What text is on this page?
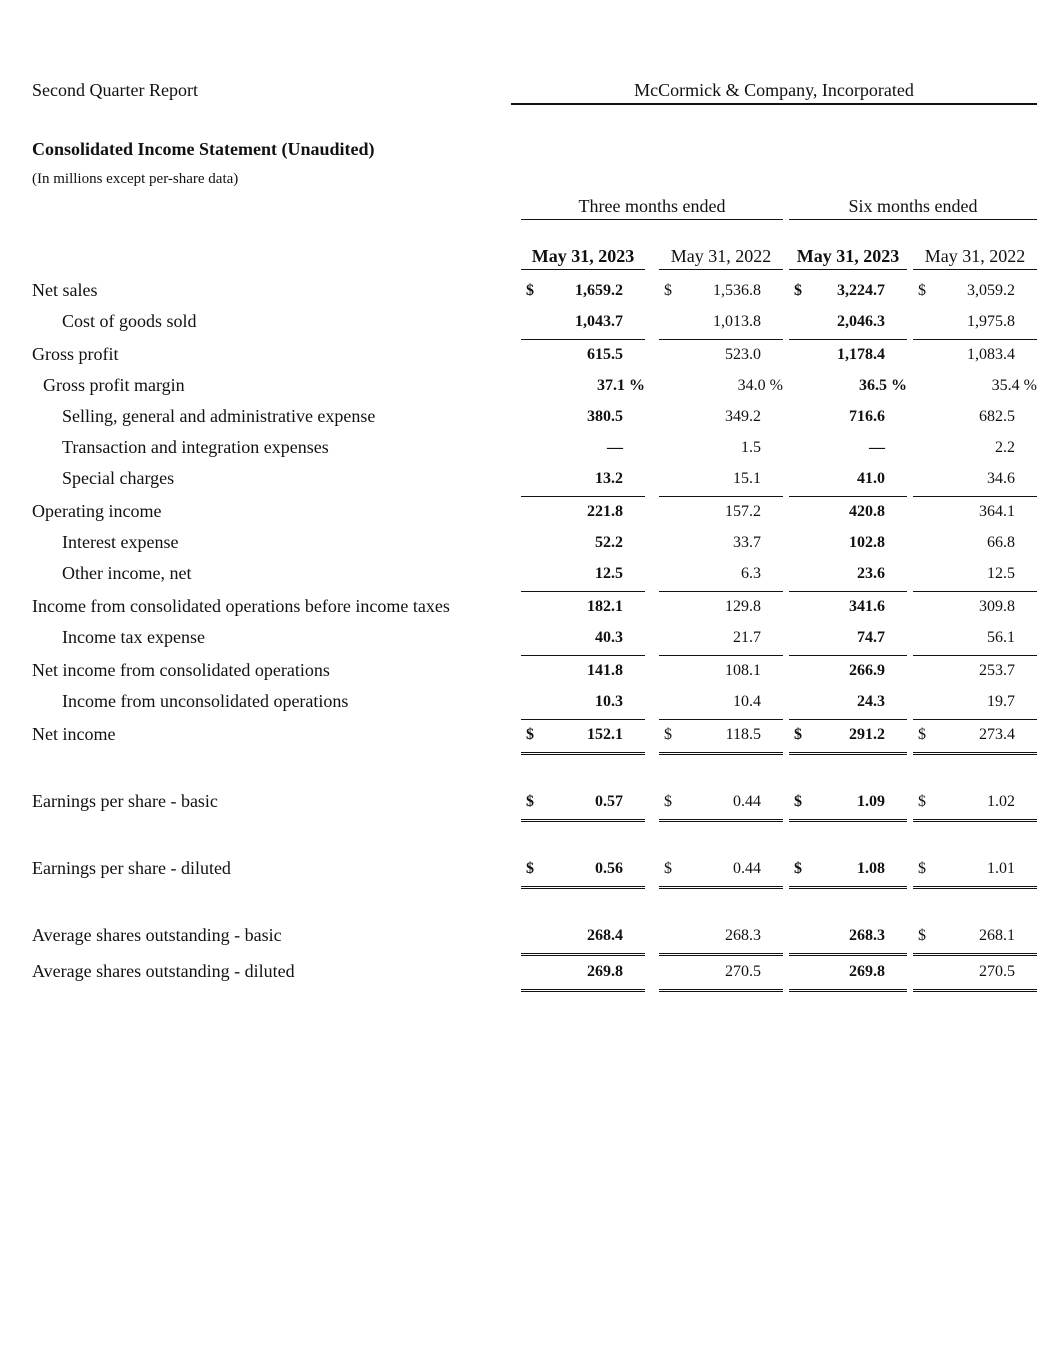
Second Quarter Report	McCormick & Company, Incorporated
Consolidated Income Statement (Unaudited)
(In millions except per-share data)
Three months ended	Six months ended
May 31, 2023	May 31, 2022	May 31, 2023	May 31, 2022
Net sales	$	1,659.2	$	1,536.8 $ 3,224.7 $	3,059.2
Cost of goods sold	1,043.7	1,013.8	2,046.3	1,975.8
Gross profit	615.5	523.0	1,178.4	1,083.4
Gross profit margin	37.1 %	34.0 %	36.5 %	35.4 %
Selling, general and administrative expense	380.5	349.2	716.6	682.5
Transaction and integration expenses	—	1.5	—	2.2
Special charges	13.2	15.1	41.0	34.6
Operating income	221.8	157.2	420.8	364.1
Interest expense	52.2	33.7	102.8	66.8
Other income, net	12.5	6.3	23.6	12.5
Income from consolidated operations before income taxes	182.1	129.8	341.6	309.8
Income tax expense	40.3	21.7	74.7	56.1
Net income from consolidated operations	141.8	108.1	266.9	253.7
Income from unconsolidated operations	10.3	10.4	24.3	19.7
Net income	$	152.1	$	118.5 $	291.2 $	273.4
Earnings per share - basic	$	0.57	$	0.44 $	1.09 $	1.02
Earnings per share - diluted	$	0.56	$	0.44 $	1.08 $	1.01
Average shares outstanding - basic	268.4	268.3	268.3 $	268.1
Average shares outstanding - diluted	269.8	270.5	269.8	270.5
